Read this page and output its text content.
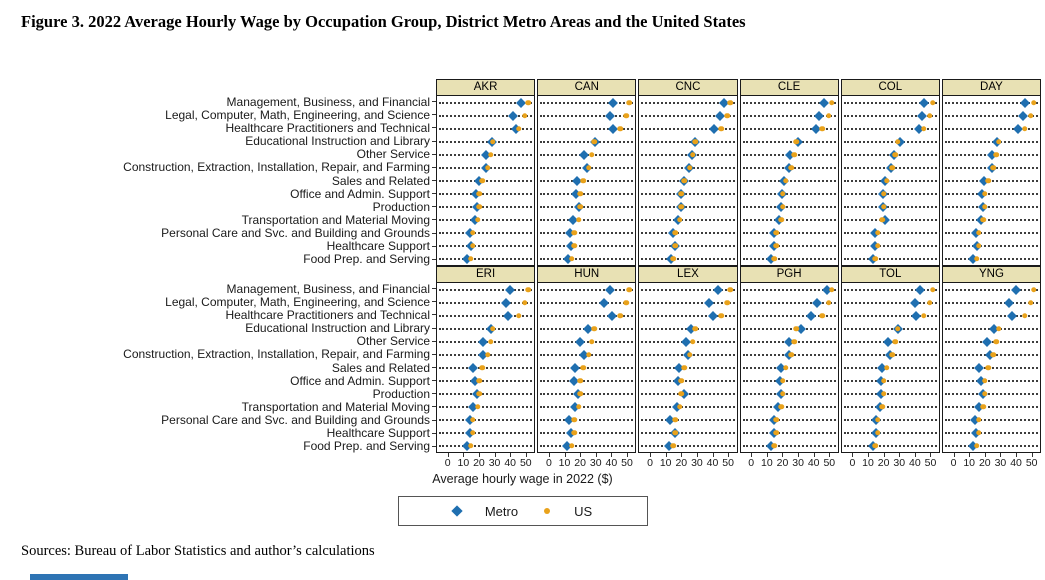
Figure 3. 2022 Average Hourly Wage by Occupation Group, District Metro Areas and the United States
Management, Business, and Financial
Legal, Computer, Math, Engineering, and Science
Healthcare Practitioners and Technical
Educational Instruction and Library
Other Service
Construction, Extraction, Installation, Repair, and Farming
Sales and Related
Office and Admin. Support
Production
Transportation and Material Moving
Personal Care and Svc. and Building and Grounds
Healthcare Support
Food Prep. and Serving
AKR	CAN	CNC	CLE	COL	DAY
Management, Business, and Financial
Legal, Computer, Math, Engineering, and Science
Healthcare Practitioners and Technical
Educational Instruction and Library
Other Service
Construction, Extraction, Installation, Repair, and Farming
Sales and Related
Office and Admin. Support
Production
Transportation and Material Moving
Personal Care and Svc. and Building and Grounds
Healthcare Support
Food Prep. and Serving
ERI	HUN	LEX	PGH	TOL	YNG
0 10 20 30 40 50 0 10 20 30 40 50 0 10 20 30 40 50 0 10 20 30 40 50 0 10 20 30 40 50 0 10 20 30 40 50
Average hourly wage in 2022 ($)
Metro	US
Sources: Bureau of Labor Statistics and author’s calculations
